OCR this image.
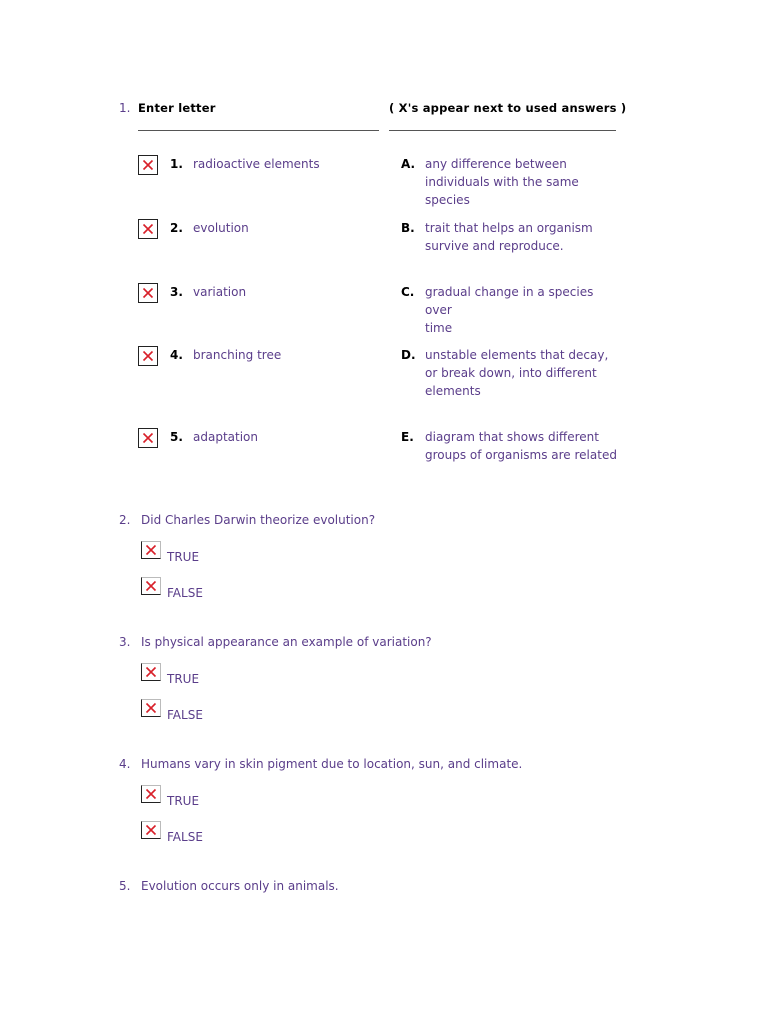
1. Enter letter	( X's appear next to used answers )
1. radioactive elements
2. evolution
3. variation
4. branching tree
5. adaptation
A. any difference between
individuals with the same
species
B. trait that helps an organism
survive and reproduce.
C. gradual change in a species over
time
D. unstable elements that decay,
or break down, into different
elements
E. diagram that shows different
groups of organisms are related
2. Did Charles Darwin theorize evolution?
TRUE
FALSE
3. Is physical appearance an example of variation?
TRUE
FALSE
4. Humans vary in skin pigment due to location, sun, and climate.
TRUE
FALSE
5. Evolution occurs only in animals.
